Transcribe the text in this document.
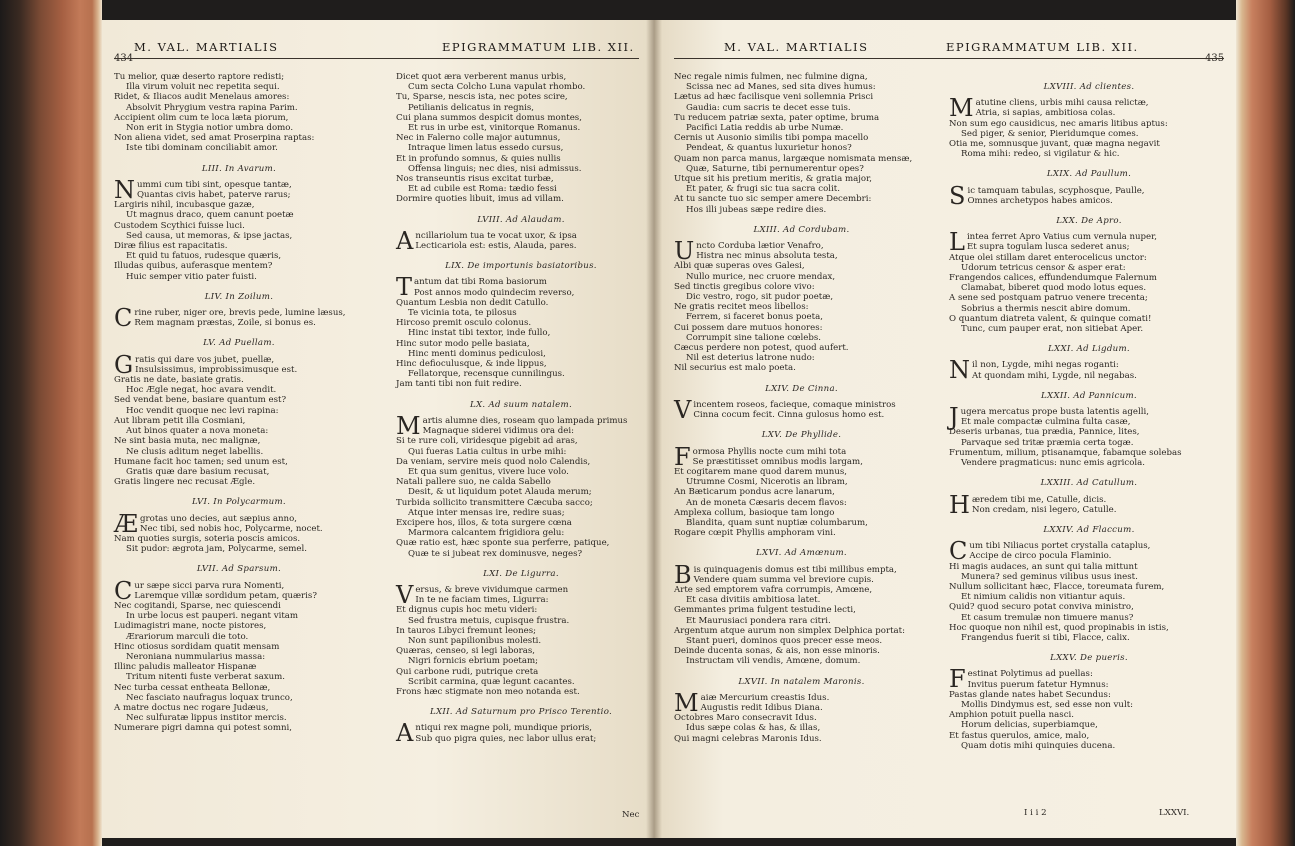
M. VAL. MARTIALIS	EPIGRAMMATUM LIB. XII.
Tu melior, quæ deserto raptore redisti;
Illa virum voluit nec repetita sequi.
Ridet, & Iliacos audit Menelaus amores:
Absolvit Phrygium vestra rapina Parim.
Accipient olim cum te loca læta piorum,
Non erit in Stygia notior umbra domo.
Non aliena videt, sed amat Proserpina raptas:
Iste tibi dominam conciliabit amor.
LIII. In Avarum.
Nummi cum tibi sint, opesque tantæ,
Quantas civis habet, paterve rarus;
Largiris nihil, incubasque gazæ,
Ut magnus draco, quem canunt poetæ
Custodem Scythici fuisse luci.
Sed causa, ut memoras, & ipse jactas,
Diræ filius est rapacitatis.
Et quid tu fatuos, rudesque quæris,
Illudas quibus, auferasque mentem?
Huic semper vitio pater fuisti.
LIV. In Zoilum.
Crine ruber, niger ore, brevis pede, lumine læsus,
Rem magnam præstas, Zoile, si bonus es.
LV. Ad Puellam.
Gratis qui dare vos jubet, puellæ,
Insulsissimus, improbissimusque est.
Gratis ne date, basiate gratis.
Hoc Ægle negat, hoc avara vendit.
Sed vendat bene, basiare quantum est?
Hoc vendit quoque nec levi rapina:
Aut libram petit illa Cosmiani,
Aut binos quater a nova moneta:
Ne sint basia muta, nec malignæ,
Ne clusis aditum neget labellis.
Humane facit hoc tamen; sed unum est,
Gratis quæ dare basium recusat,
Gratis lingere nec recusat Ægle.
LVI. In Polycarmum.
Ægrotas uno decies, aut sæpius anno,
Nec tibi, sed nobis hoc, Polycarme, nocet.
Nam quoties surgis, soteria poscis amicos.
Sit pudor: ægrota jam, Polycarme, semel.
LVII. Ad Sparsum.
Cur sæpe sicci parva rura Nomenti,
Laremque villæ sordidum petam, quæris?
Nec cogitandi, Sparse, nec quiescendi
In urbe locus est pauperi. negant vitam
Ludimagistri mane, nocte pistores,
Ærariorum marculi die toto.
Hinc otiosus sordidam quatit mensam
Neroniana nummularius massa:
Illinc paludis malleator Hispanæ
Tritum nitenti fuste verberat saxum.
Nec turba cessat entheata Bellonæ,
Nec fasciato naufragus loquax trunco,
A matre doctus nec rogare Judæus,
Nec sulfuratæ lippus institor mercis.
Numerare pigri damna qui potest somni,
Dicet quot æra verberent manus urbis,
Cum secta Colcho Luna vapulat rhombo.
Tu, Sparse, nescis ista, nec potes scire,
Petilianis delicatus in regnis,
Cui plana summos despicit domus montes,
Et rus in urbe est, vinitorque Romanus.
Nec in Falerno colle major autumnus,
Intraque limen latus essedo cursus,
Et in profundo somnus, & quies nullis
Offensa linguis; nec dies, nisi admissus.
Nos transeuntis risus excitat turbæ,
Et ad cubile est Roma: tædio fessi
Dormire quoties libuit, imus ad villam.
LVIII. Ad Alaudam.
Ancillariolum tua te vocat uxor, & ipsa
Lecticariola est: estis, Alauda, pares.
LIX. De importunis basiatoribus.
Tantum dat tibi Roma basiorum
Post annos modo quindecim reverso,
Quantum Lesbia non dedit Catullo.
Te vicinia tota, te pilosus
Hircoso premit osculo colonus.
Hinc instat tibi textor, inde fullo,
Hinc sutor modo pelle basiata,
Hinc menti dominus pediculosi,
Hinc defioculusque, & inde lippus,
Fellatorque, recensque cunnilingus.
Jam tanti tibi non fuit redire.
LX. Ad suum natalem.
Martis alumne dies, roseam quo lampada primus
Magnaque siderei vidimus ora dei:
Si te rure coli, viridesque pigebit ad aras,
Qui fueras Latia cultus in urbe mihi:
Da veniam, servire meis quod nolo Calendis,
Et qua sum genitus, vivere luce volo.
Natali pallere suo, ne calda Sabello
Desit, & ut liquidum potet Alauda merum;
Turbida sollicito transmittere Cæcuba sacco;
Atque inter mensas ire, redire suas;
Excipere hos, illos, & tota surgere cœna
Marmora calcantem frigidiora gelu:
Quæ ratio est, hæc sponte sua perferre, patique,
Quæ te si jubeat rex dominusve, neges?
LXI. De Ligurra.
Versus, & breve vividumque carmen
In te ne faciam times, Ligurra:
Et dignus cupis hoc metu videri:
Sed frustra metuis, cupisque frustra.
In tauros Libyci fremunt leones;
Non sunt papilionibus molesti.
Quæras, censeo, si legi laboras,
Nigri fornicis ebrium poetam;
Qui carbone rudi, putrique creta
Scribit carmina, quæ legunt cacantes.
Frons hæc stigmate non meo notanda est.
LXII. Ad Saturnum pro Prisco Terentio.
Antiqui rex magne poli, mundique prioris,
Sub quo pigra quies, nec labor ullus erat;
Nec
M. VAL. MARTIALIS	EPIGRAMMATUM LIB. XII.
Nec regale nimis fulmen, nec fulmine digna,
Scissa nec ad Manes, sed sita dives humus:
Lætus ad hæc facilisque veni sollemnia Prisci
Gaudia: cum sacris te decet esse tuis.
Tu reducem patriæ sexta, pater optime, bruma
Pacifici Latia reddis ab urbe Numæ.
Cernis ut Ausonio similis tibi pompa macello
Pendeat, & quantus luxurietur honos?
Quam non parca manus, largæque nomismata mensæ,
Quæ, Saturne, tibi pernumerentur opes?
Utque sit his pretium meritis, & gratia major,
Et pater, & frugi sic tua sacra colit.
At tu sancte tuo sic semper amere Decembri:
Hos illi jubeas sæpe redire dies.
LXIII. Ad Cordubam.
Uncto Corduba lætior Venafro,
Histra nec minus absoluta testa,
Albi quæ superas oves Galesi,
Nullo murice, nec cruore mendax,
Sed tinctis gregibus colore vivo:
Dic vestro, rogo, sit pudor poetæ,
Ne gratis recitet meos libellos:
Ferrem, si faceret bonus poeta,
Cui possem dare mutuos honores:
Corrumpit sine talione cœlebs.
Cæcus perdere non potest, quod aufert.
Nil est deterius latrone nudo:
Nil securius est malo poeta.
LXIV. De Cinna.
Vincentem roseos, facieque, comaque ministros
Cinna cocum fecit. Cinna gulosus homo est.
LXV. De Phyllide.
Formosa Phyllis nocte cum mihi tota
Se præstitisset omnibus modis largam,
Et cogitarem mane quod darem munus,
Utrumne Cosmi, Nicerotis an libram,
An Bæticarum pondus acre lanarum,
An de moneta Cæsaris decem flavos:
Amplexa collum, basioque tam longo
Blandita, quam sunt nuptiæ columbarum,
Rogare cœpit Phyllis amphoram vini.
LXVI. Ad Amœnum.
Bis quinquagenis domus est tibi millibus empta,
Vendere quam summa vel breviore cupis.
Arte sed emptorem vafra corrumpis, Amœne,
Et casa divitiis ambitiosa latet.
Gemmantes prima fulgent testudine lecti,
Et Maurusiaci pondera rara citri.
Argentum atque aurum non simplex Delphica portat:
Stant pueri, dominos quos precer esse meos.
Deinde ducenta sonas, & ais, non esse minoris.
Instructam vili vendis, Amœne, domum.
LXVII. In natalem Maronis.
Maiæ Mercurium creastis Idus.
Augustis redit Idibus Diana.
Octobres Maro consecravit Idus.
Idus sæpe colas & has, & illas,
Qui magni celebras Maronis Idus.
LXVIII. Ad clientes.
Matutine cliens, urbis mihi causa relictæ,
Atria, si sapias, ambitiosa colas.
Non sum ego causidicus, nec amaris litibus aptus:
Sed piger, & senior, Pieridumque comes.
Otia me, somnusque juvant, quæ magna negavit
Roma mihi: redeo, si vigilatur & hic.
LXIX. Ad Paullum.
Sic tamquam tabulas, scyphosque, Paulle,
Omnes archetypos habes amicos.
LXX. De Apro.
Lintea ferret Apro Vatius cum vernula nuper,
Et supra togulam lusca sederet anus;
Atque olei stillam daret enterocelicus unctor:
Udorum tetricus censor & asper erat:
Frangendos calices, effundendumque Falernum
Clamabat, biberet quod modo lotus eques.
A sene sed postquam patruo venere trecenta;
Sobrius a thermis nescit abire domum.
O quantum diatreta valent, & quinque comati!
Tunc, cum pauper erat, non sitiebat Aper.
LXXI. Ad Ligdum.
Nil non, Lygde, mihi negas roganti:
At quondam mihi, Lygde, nil negabas.
LXXII. Ad Pannicum.
Jugera mercatus prope busta latentis agelli,
Et male compactæ culmina fulta casæ,
Deseris urbanas, tua prædia, Pannice, lites,
Parvaque sed tritæ præmia certa togæ.
Frumentum, milium, ptisanamque, fabamque solebas
Vendere pragmaticus: nunc emis agricola.
LXXIII. Ad Catullum.
Hæredem tibi me, Catulle, dicis.
Non credam, nisi legero, Catulle.
LXXIV. Ad Flaccum.
Cum tibi Niliacus portet crystalla cataplus,
Accipe de circo pocula Flaminio.
Hi magis audaces, an sunt qui talia mittunt
Munera? sed geminus vilibus usus inest.
Nullum sollicitant hæc, Flacce, toreumata furem,
Et nimium calidis non vitiantur aquis.
Quid? quod securo potat conviva ministro,
Et casum tremulæ non timuere manus?
Hoc quoque non nihil est, quod propinabis in istis,
Frangendus fuerit si tibi, Flacce, calix.
LXXV. De pueris.
Festinat Polytimus ad puellas:
Invitus puerum fatetur Hymnus:
Pastas glande nates habet Secundus:
Mollis Dindymus est, sed esse non vult:
Amphion potuit puella nasci.
Horum delicias, superbiamque,
Et fastus querulos, amice, malo,
Quam dotis mihi quinquies ducena.
I i i 2	LXXVI.
